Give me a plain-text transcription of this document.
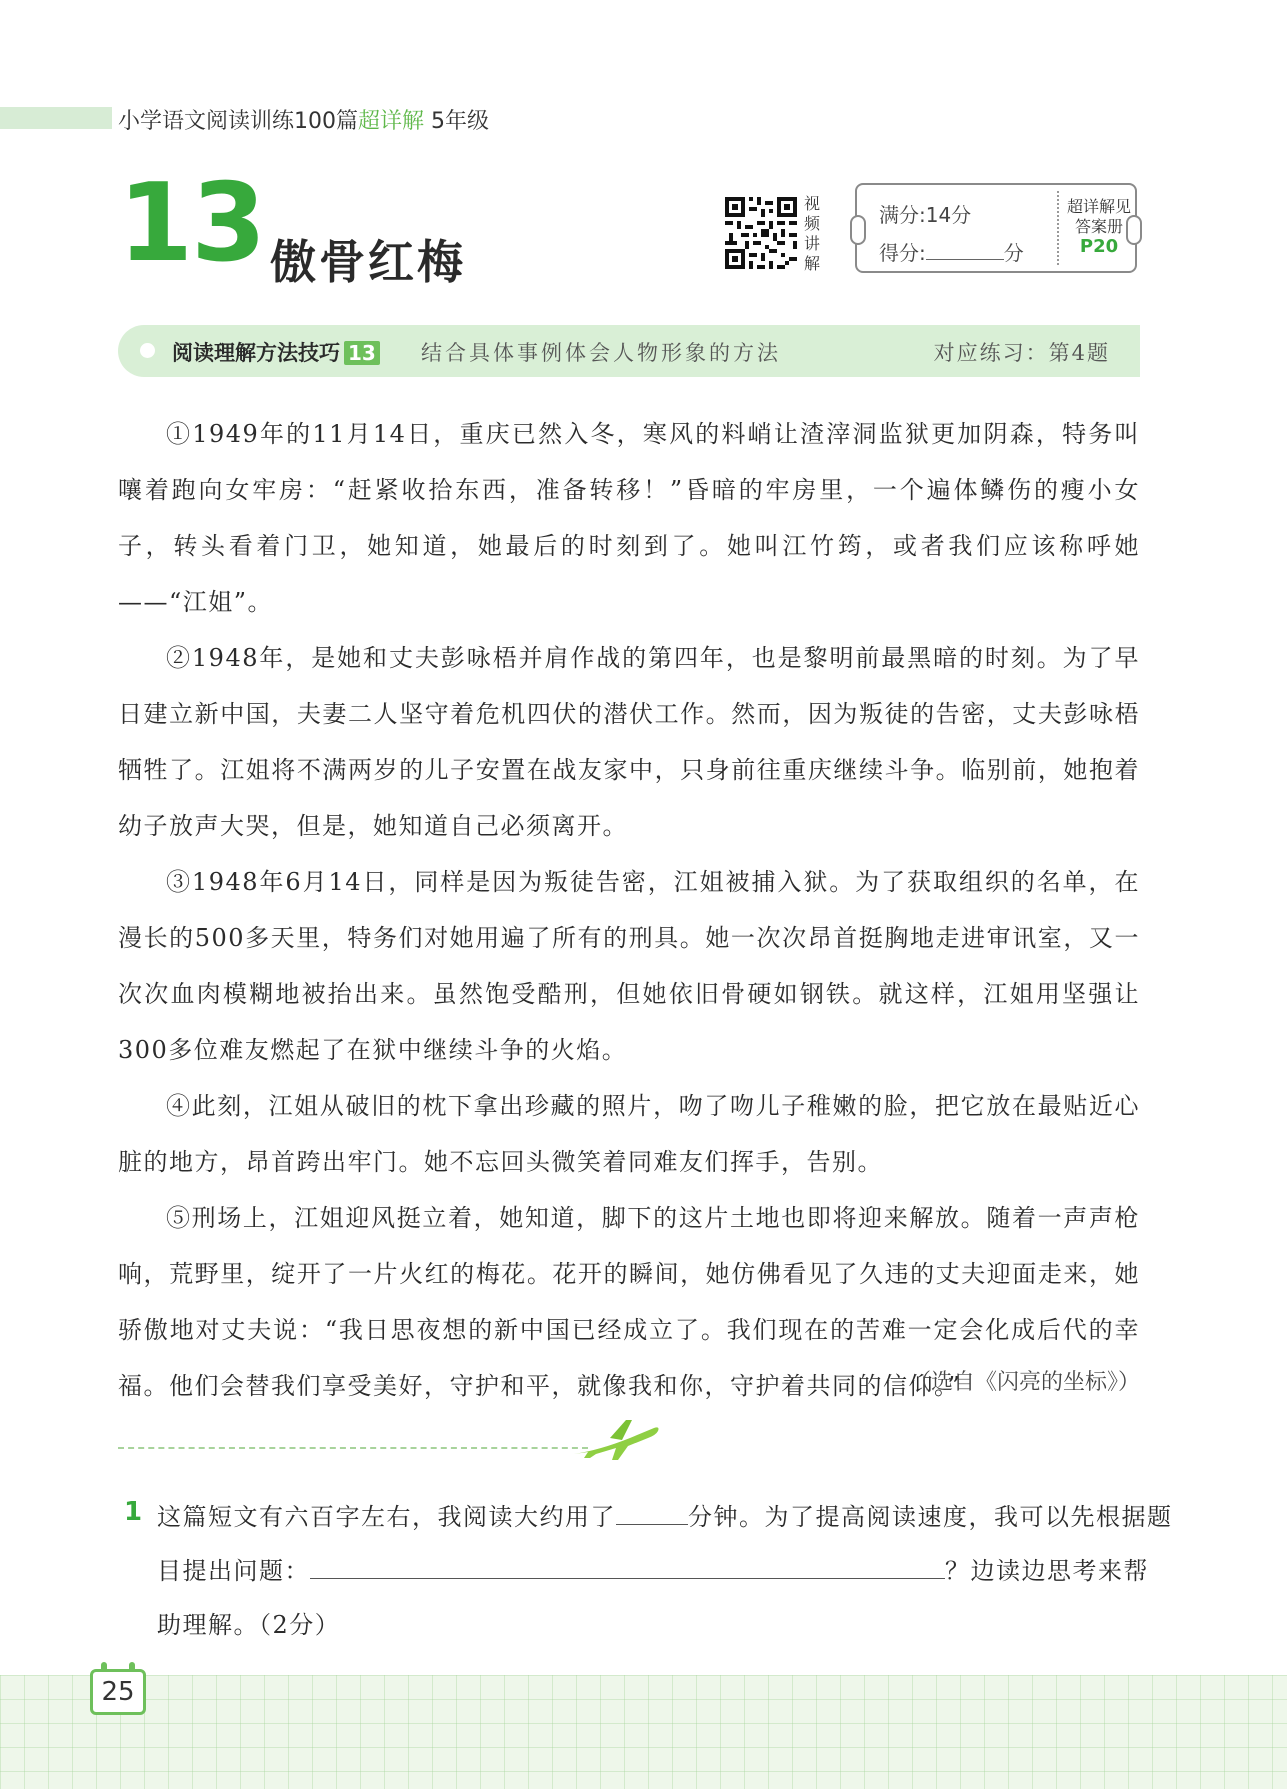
小学语文阅读训练100篇超详解 5年级
13 傲骨红梅
视
频
讲
解
满分:14分
得分:	分
超详解见
答案册
P20
阅读理解方法技巧 13 结合具体事例体会人物形象的方法	对应练习：第4题

①1949年的11月14日，重庆已然入冬，寒风的料峭让渣滓洞监狱更加阴森，特务叫嚷着跑向女牢房：“赶紧收拾东西，准备转移！”昏暗的牢房里，一个遍体鳞伤的瘦小女子，转头看着门卫，她知道，她最后的时刻到了。她叫江竹筠，或者我们应该称呼她——“江姐”。

②1948年，是她和丈夫彭咏梧并肩作战的第四年，也是黎明前最黑暗的时刻。为了早日建立新中国，夫妻二人坚守着危机四伏的潜伏工作。然而，因为叛徒的告密，丈夫彭咏梧牺牲了。江姐将不满两岁的儿子安置在战友家中，只身前往重庆继续斗争。临别前，她抱着幼子放声大哭，但是，她知道自己必须离开。

③1948年6月14日，同样是因为叛徒告密，江姐被捕入狱。为了获取组织的名单，在漫长的500多天里，特务们对她用遍了所有的刑具。她一次次昂首挺胸地走进审讯室，又一次次血肉模糊地被抬出来。虽然饱受酷刑，但她依旧骨硬如钢铁。就这样，江姐用坚强让300多位难友燃起了在狱中继续斗争的火焰。

④此刻，江姐从破旧的枕下拿出珍藏的照片，吻了吻儿子稚嫩的脸，把它放在最贴近心脏的地方，昂首跨出牢门。她不忘回头微笑着同难友们挥手，告别。

⑤刑场上，江姐迎风挺立着，她知道，脚下的这片土地也即将迎来解放。随着一声声枪响，荒野里，绽开了一片火红的梅花。花开的瞬间，她仿佛看见了久违的丈夫迎面走来，她骄傲地对丈夫说：“我日思夜想的新中国已经成立了。我们现在的苦难一定会化成后代的幸福。他们会替我们享受美好，守护和平，就像我和你，守护着共同的信仰。”

（选自《闪亮的坐标》）
1 这篇短文有六百字左右，我阅读大约用了	分钟。为了提高阅读速度，我可以先根据题
目提出问题：	？边读边思考来帮
助理解。（2分）
25
